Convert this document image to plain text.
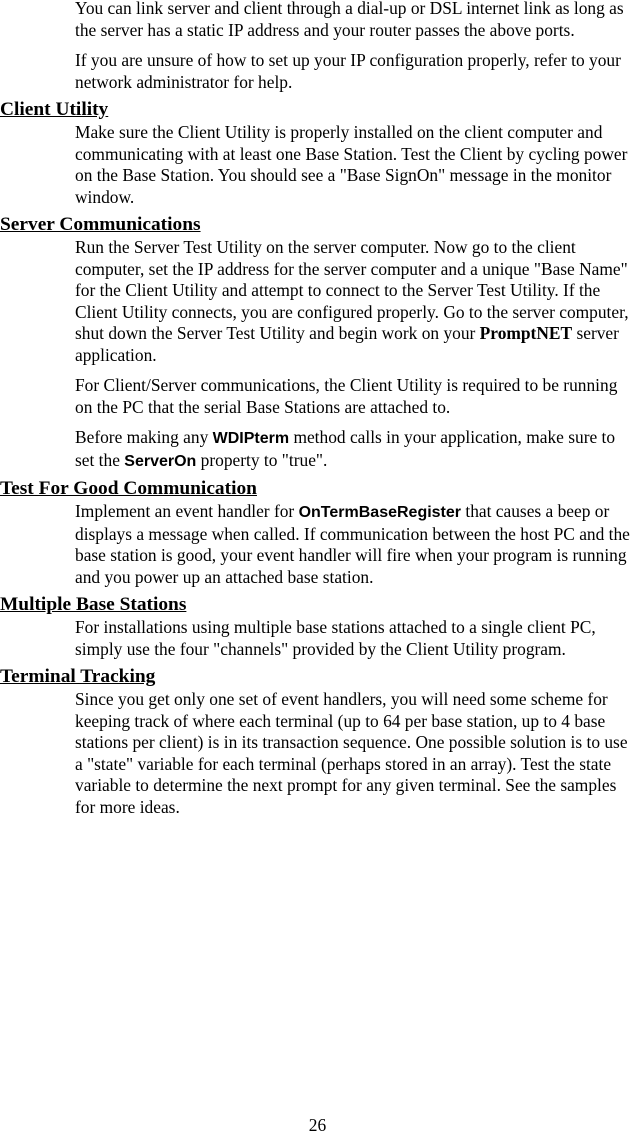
You can link server and client through a dial-up or DSL internet link as long as the server has a static IP address and your router passes the above ports.

If you are unsure of how to set up your IP configuration properly, refer to your network administrator for help.

Client Utility

Make sure the Client Utility is properly installed on the client computer and communicating with at least one Base Station. Test the Client by cycling power on the Base Station. You should see a "Base SignOn" message in the monitor window.

Server Communications

Run the Server Test Utility on the server computer. Now go to the client computer, set the IP address for the server computer and a unique "Base Name" for the Client Utility and attempt to connect to the Server Test Utility. If the Client Utility connects, you are configured properly. Go to the server computer, shut down the Server Test Utility and begin work on your PromptNET server application.

For Client/Server communications, the Client Utility is required to be running on the PC that the serial Base Stations are attached to.

Before making any WDIPterm method calls in your application, make sure to set the ServerOn property to "true".

Test For Good Communication

Implement an event handler for OnTermBaseRegister that causes a beep or displays a message when called. If communication between the host PC and the base station is good, your event handler will fire when your program is running and you power up an attached base station.

Multiple Base Stations

For installations using multiple base stations attached to a single client PC, simply use the four "channels" provided by the Client Utility program.

Terminal Tracking

Since you get only one set of event handlers, you will need some scheme for keeping track of where each terminal (up to 64 per base station, up to 4 base stations per client) is in its transaction sequence. One possible solution is to use a "state" variable for each terminal (perhaps stored in an array). Test the state variable to determine the next prompt for any given terminal. See the samples for more ideas.

26
